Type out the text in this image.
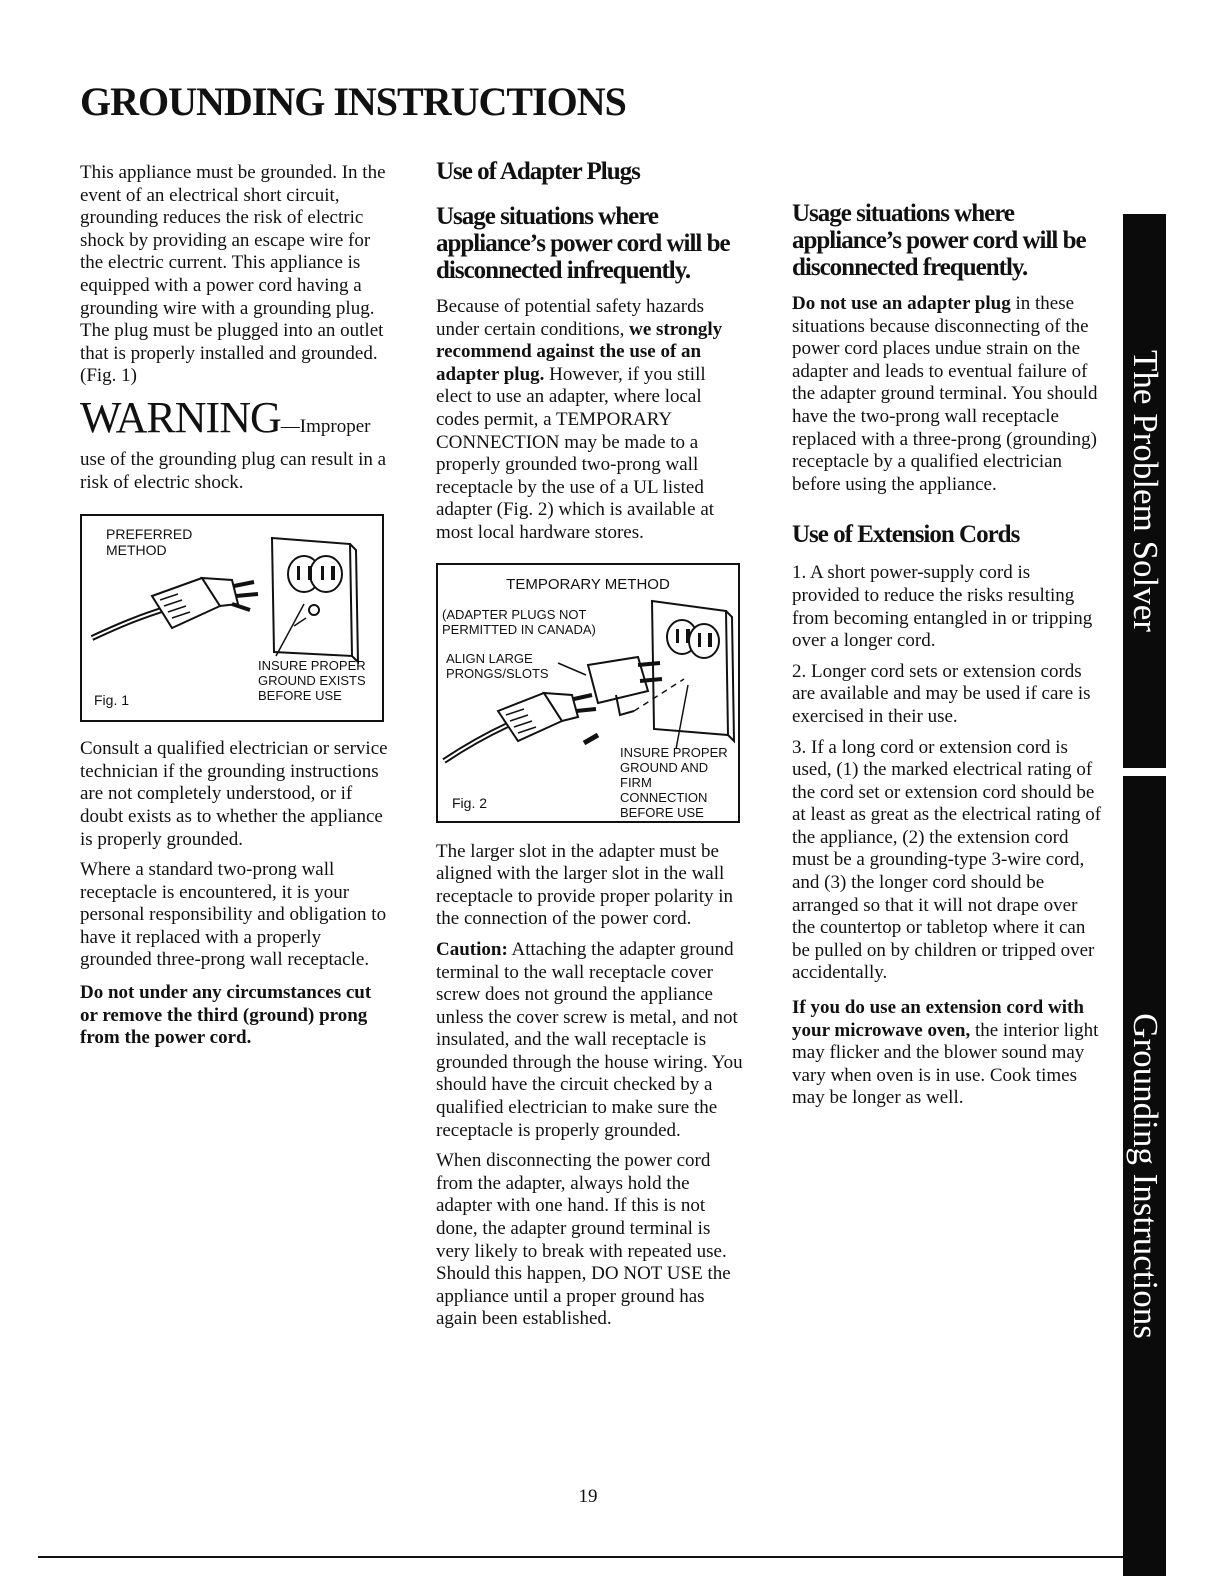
GROUNDING INSTRUCTIONS

This appliance must be grounded. In the event of an electrical short circuit, grounding reduces the risk of electric shock by providing an escape wire for the electric current. This appliance is equipped with a power cord having a grounding wire with a grounding plug. The plug must be plugged into an outlet that is properly installed and grounded. (Fig. 1)

WARNING—Improper

use of the grounding plug can result in a risk of electric shock.

PREFERRED
METHOD
INSURE PROPER
GROUND EXISTS
BEFORE USE
Fig. 1

Consult a qualified electrician or service technician if the grounding instructions are not completely understood, or if doubt exists as to whether the appliance is properly grounded.

Where a standard two-prong wall receptacle is encountered, it is your personal responsibility and obligation to have it replaced with a properly grounded three-prong wall receptacle.

Do not under any circumstances cut or remove the third (ground) prong from the power cord.

Use of Adapter Plugs
Usage situations where appliance’s power cord will be disconnected infrequently.

Because of potential safety hazards under certain conditions, we strongly recommend against the use of an adapter plug. However, if you still elect to use an adapter, where local codes permit, a TEMPORARY CONNECTION may be made to a properly grounded two-prong wall receptacle by the use of a UL listed adapter (Fig. 2) which is available at most local hardware stores.

TEMPORARY METHOD
(ADAPTER PLUGS NOT
PERMITTED IN CANADA)
ALIGN LARGE
PRONGS/SLOTS
INSURE PROPER
GROUND AND
FIRM CONNECTION
BEFORE USE
Fig. 2

The larger slot in the adapter must be aligned with the larger slot in the wall receptacle to provide proper polarity in the connection of the power cord.

Caution: Attaching the adapter ground terminal to the wall receptacle cover screw does not ground the appliance unless the cover screw is metal, and not insulated, and the wall receptacle is grounded through the house wiring. You should have the circuit checked by a qualified electrician to make sure the receptacle is properly grounded.

When disconnecting the power cord from the adapter, always hold the adapter with one hand. If this is not done, the adapter ground terminal is very likely to break with repeated use. Should this happen, DO NOT USE the appliance until a proper ground has again been established.

Usage situations where appliance’s power cord will be disconnected frequently.

Do not use an adapter plug in these situations because disconnecting of the power cord places undue strain on the adapter and leads to eventual failure of the adapter ground terminal. You should have the two-prong wall receptacle replaced with a three-prong (grounding) receptacle by a qualified electrician before using the appliance.

Use of Extension Cords

1. A short power-supply cord is provided to reduce the risks resulting from becoming entangled in or tripping over a longer cord.

2. Longer cord sets or extension cords are available and may be used if care is exercised in their use.

3. If a long cord or extension cord is used, (1) the marked electrical rating of the cord set or extension cord should be at least as great as the electrical rating of the appliance, (2) the extension cord must be a grounding-type 3-wire cord, and (3) the longer cord should be arranged so that it will not drape over the countertop or tabletop where it can be pulled on by children or tripped over accidentally.

If you do use an extension cord with your microwave oven, the interior light may flicker and the blower sound may vary when oven is in use. Cook times may be longer as well.

19
The Problem Solver
Grounding Instructions
